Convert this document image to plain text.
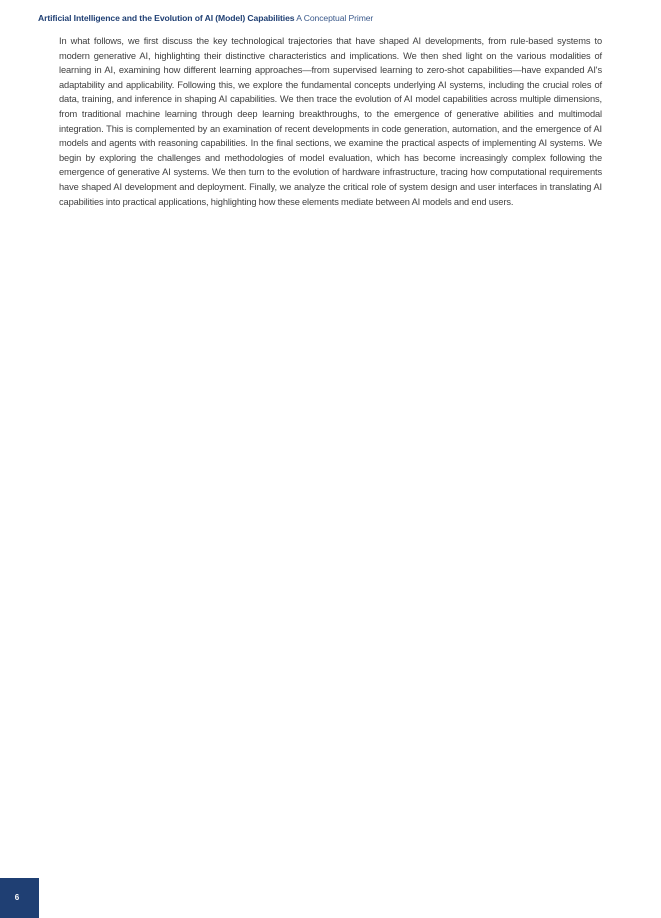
Artificial Intelligence and the Evolution of AI (Model) Capabilities A Conceptual Primer

In what follows, we first discuss the key technological trajectories that have shaped AI developments, from rule-based systems to modern generative AI, highlighting their distinctive characteristics and implications. We then shed light on the various modalities of learning in AI, examining how different learning approaches—from supervised learning to zero-shot capabilities—have expanded AI's adaptability and applicability. Following this, we explore the fundamental concepts underlying AI systems, including the crucial roles of data, training, and inference in shaping AI capabilities. We then trace the evolution of AI model capabilities across multiple dimensions, from traditional machine learning through deep learning breakthroughs, to the emergence of generative abilities and multimodal integration. This is complemented by an examination of recent developments in code generation, automation, and the emergence of AI models and agents with reasoning capabilities. In the final sections, we examine the practical aspects of implementing AI systems. We begin by exploring the challenges and methodologies of model evaluation, which has become increasingly complex following the emergence of generative AI systems. We then turn to the evolution of hardware infrastructure, tracing how computational requirements have shaped AI development and deployment. Finally, we analyze the critical role of system design and user interfaces in translating AI capabilities into practical applications, highlighting how these elements mediate between AI models and end users.

6
